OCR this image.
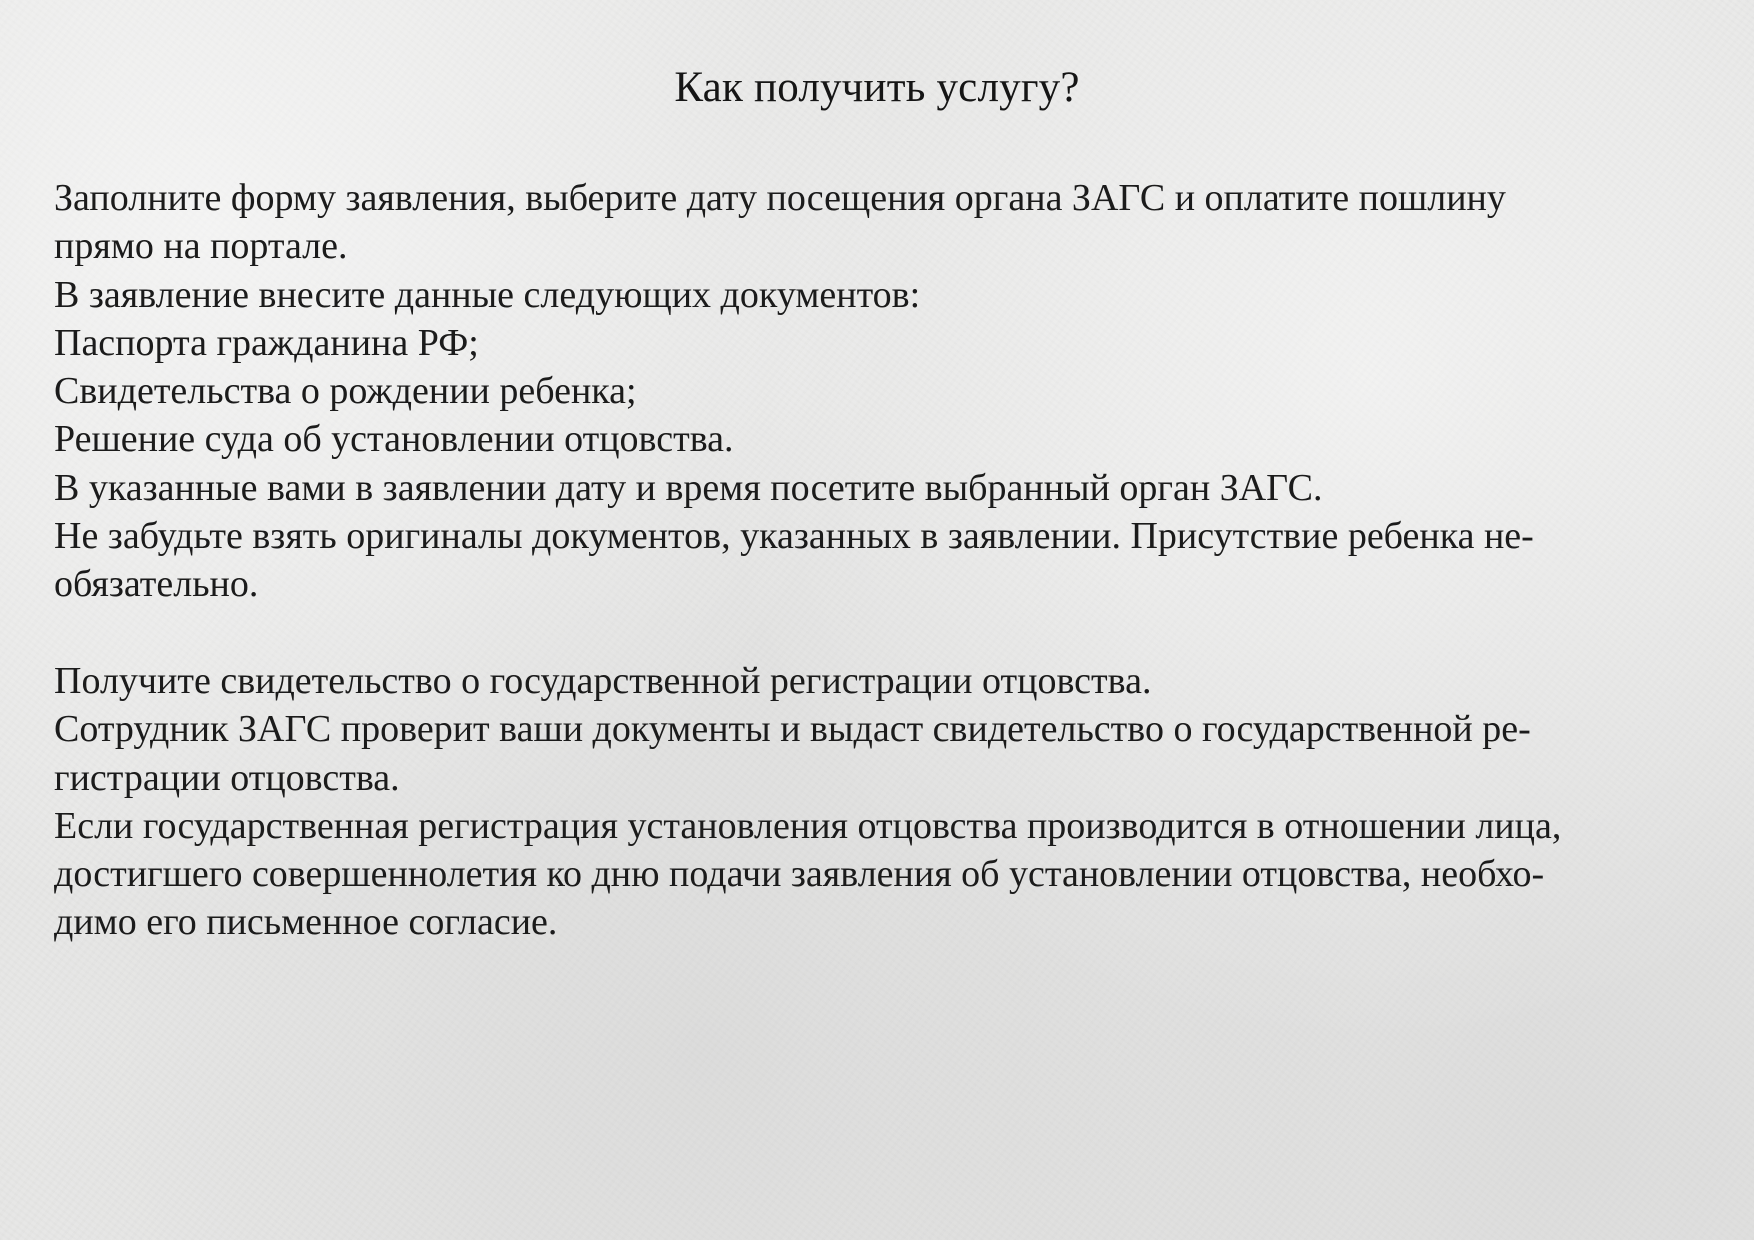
Как получить услугу?
Заполните форму заявления, выберите дату посещения органа ЗАГС и оплатите пошлину
прямо на портале.
В заявление внесите данные следующих документов:
Паспорта гражданина РФ;
Свидетельства о рождении ребенка;
Решение суда об установлении отцовства.
В указанные вами в заявлении дату и время посетите выбранный орган ЗАГС.
Не забудьте взять оригиналы документов, указанных в заявлении. Присутствие ребенка не-
обязательно.
Получите свидетельство о государственной регистрации отцовства.
Сотрудник ЗАГС проверит ваши документы и выдаст свидетельство о государственной ре-
гистрации отцовства.
Если государственная регистрация установления отцовства производится в отношении лица,
достигшего совершеннолетия ко дню подачи заявления об установлении отцовства, необхо-
димо его письменное согласие.
